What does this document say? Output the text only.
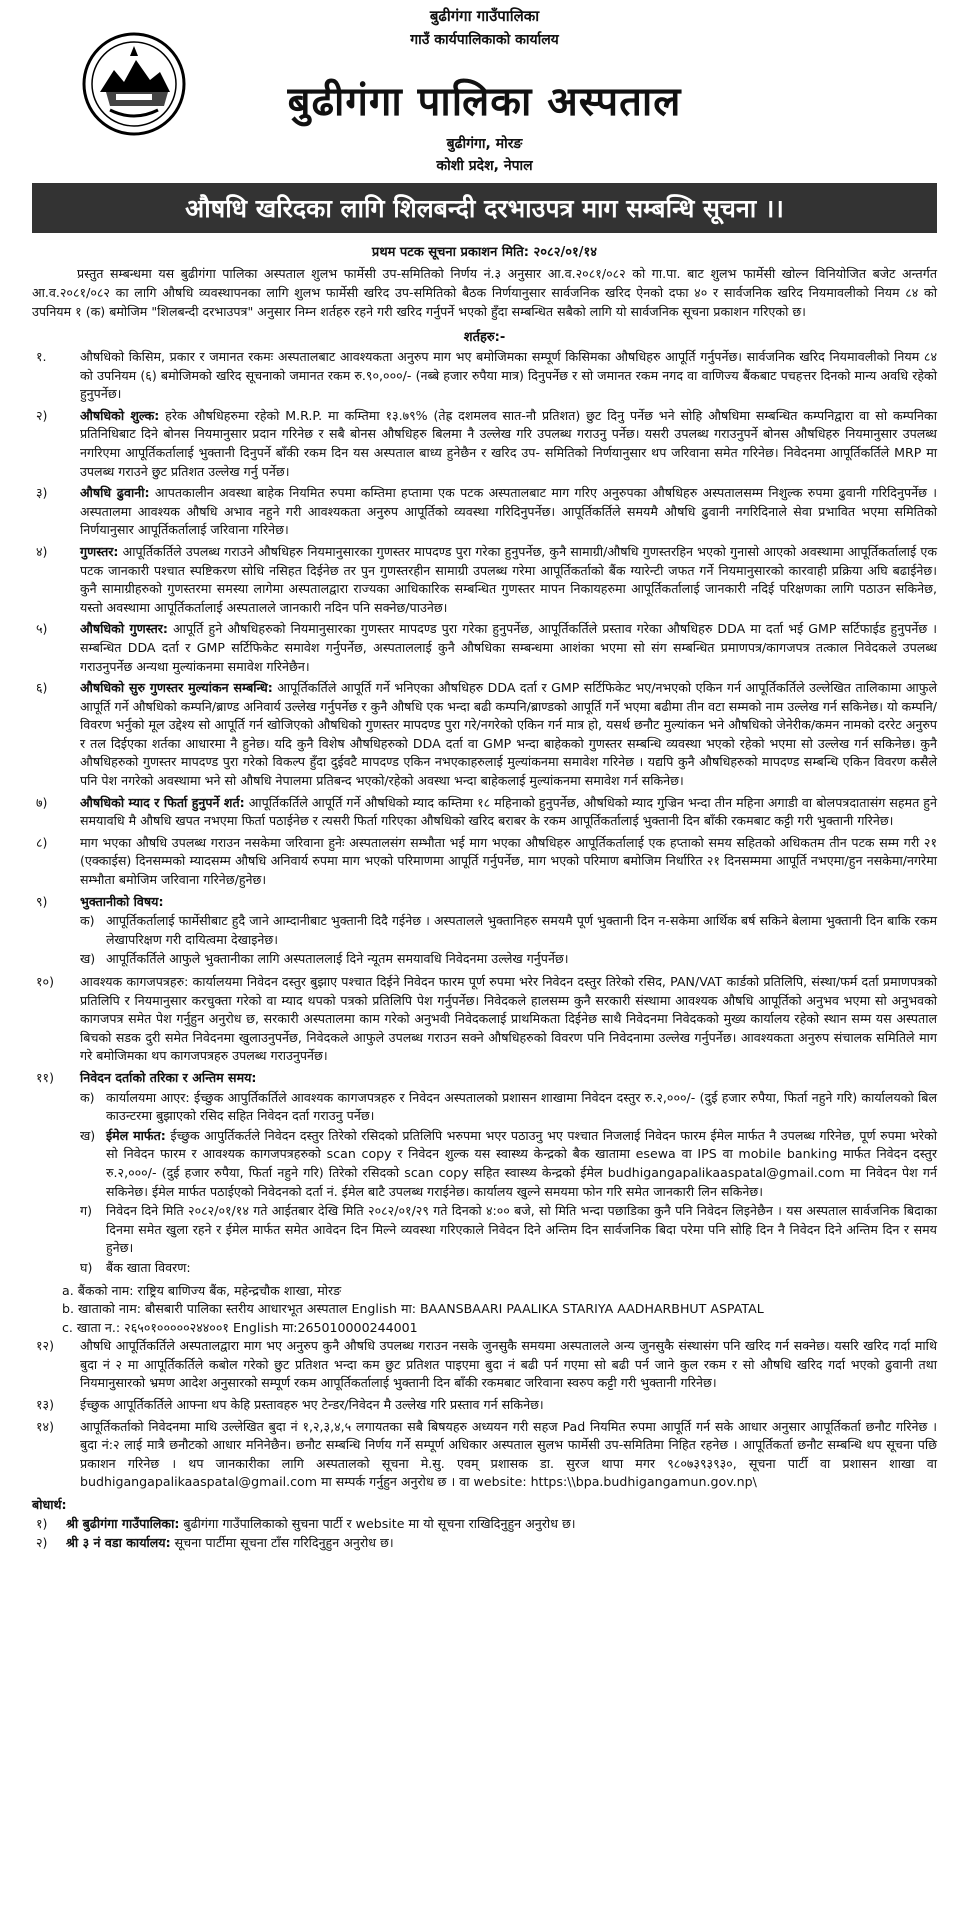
बुढीगंगा गाउँपालिका
गाउँ कार्यपालिकाको कार्यालय
बुढीगंगा पालिका अस्पताल
बुढीगंगा, मोरङ
कोशी प्रदेश, नेपाल
औषधि खरिदका लागि शिलबन्दी दरभाउपत्र माग सम्बन्धि सूचना ।।
प्रथम पटक सूचना प्रकाशन मिति: २०८२/०१/१४

प्रस्तुत सम्बन्धमा यस बुढीगंगा पालिका अस्पताल शुलभ फार्मेसी उप-समितिको निर्णय नं.३ अनुसार आ.व.२०८१/०८२ को गा.पा. बाट शुलभ फार्मेसी खोल्न विनियोजित बजेट अन्तर्गत आ.व.२०८१/०८२ का लागि औषधि व्यवस्थापनका लागि शुलभ फार्मेसी खरिद उप-समितिको बैठक निर्णयानुसार सार्वजनिक खरिद ऐनको दफा ४० र सार्वजनिक खरिद नियमावलीको नियम ८४ को उपनियम १ (क) बमोजिम "शिलबन्दी दरभाउपत्र" अनुसार निम्न शर्तहरु रहने गरी खरिद गर्नुपर्ने भएको हुँदा सम्बन्धित सबैको लागि यो सार्वजनिक सूचना प्रकाशन गरिएको छ।

शर्तहरु:-
१.	औषधिको किसिम, प्रकार र जमानत रकमः अस्पतालबाट आवश्यकता अनुरुप माग भए बमोजिमका सम्पूर्ण किसिमका औषधिहरु आपूर्ति गर्नुपर्नेछ। सार्वजनिक खरिद नियमावलीको नियम ८४ को उपनियम (६) बमोजिमको खरिद सूचनाको जमानत रकम रु.९०,०००/- (नब्बे हजार रुपैया मात्र) दिनुपर्नेछ र सो जमानत रकम नगद वा वाणिज्य बैंकबाट पचहत्तर दिनको मान्य अवधि रहेको हुनुपर्नेछ।
२)	औषधिको शुल्क: हरेक औषधिहरुमा रहेको M.R.P. मा कम्तिमा १३.७९% (तेह्र दशमलव सात-नौ प्रतिशत) छुट दिनु पर्नेछ भने सोहि औषधिमा सम्बन्धित कम्पनिद्वारा वा सो कम्पनिका प्रतिनिधिबाट दिने बोनस नियमानुसार प्रदान गरिनेछ र सबै बोनस औषधिहरु बिलमा नै उल्लेख गरि उपलब्ध गराउनु पर्नेछ। यसरी उपलब्ध गराउनुपर्ने बोनस औषधिहरु नियमानुसार उपलब्ध नगरिएमा आपूर्तिकर्तालाई भुक्तानी दिनुपर्ने बाँकी रकम दिन यस अस्पताल बाध्य हुनेछैन र खरिद उप- समितिको निर्णयानुसार थप जरिवाना समेत गरिनेछ। निवेदनमा आपूर्तिकर्तिले MRP मा उपलब्ध गराउने छुट प्रतिशत उल्लेख गर्नु पर्नेछ।
३)	औषधि ढुवानी: आपतकालीन अवस्था बाहेक नियमित रुपमा कम्तिमा हप्तामा एक पटक अस्पतालबाट माग गरिए अनुरुपका औषधिहरु अस्पतालसम्म निशुल्क रुपमा ढुवानी गरिदिनुपर्नेछ । अस्पतालमा आवश्यक औषधि अभाव नहुने गरी आवश्यकता अनुरुप आपूर्तिको व्यवस्था गरिदिनुपर्नेछ। आपूर्तिकर्तिले समयमै औषधि ढुवानी नगरिदिनाले सेवा प्रभावित भएमा समितिको निर्णयानुसार आपूर्तिकर्तालाई जरिवाना गरिनेछ।
४)	गुणस्तर: आपूर्तिकर्तिले उपलब्ध गराउने औषधिहरु नियमानुसारका गुणस्तर मापदण्ड पुरा गरेका हुनुपर्नेछ, कुनै सामाग्री/औषधि गुणस्तरहिन भएको गुनासो आएको अवस्थामा आपूर्तिकर्तालाई एक पटक जानकारी पश्चात स्पष्टिकरण सोधि नसिहत दिईनेछ तर पुन गुणस्तरहीन सामाग्री उपलब्ध गरेमा आपूर्तिकर्ताको बैंक ग्यारेन्टी जफत गर्ने नियमानुसारको कारवाही प्रक्रिया अघि बढाईनेछ। कुनै सामाग्रीहरुको गुणस्तरमा समस्या लागेमा अस्पतालद्वारा राज्यका आधिकारिक सम्बन्धित गुणस्तर मापन निकायहरुमा आपूर्तिकर्तालाई जानकारी नदिई परिक्षणका लागि पठाउन सकिनेछ, यस्तो अवस्थामा आपूर्तिकर्तालाई अस्पतालले जानकारी नदिन पनि सक्नेछ/पाउनेछ।
५)	औषधिको गुणस्तर: आपूर्ति हुने औषधिहरुको नियमानुसारका गुणस्तर मापदण्ड पुरा गरेका हुनुपर्नेछ, आपूर्तिकर्तिले प्रस्ताव गरेका औषधिहरु DDA मा दर्ता भई GMP सर्टिफाईड हुनुपर्नेछ । सम्बन्धित DDA दर्ता र GMP सर्टिफिकेट समावेश गर्नुपर्नेछ, अस्पताललाई कुनै औषधिका सम्बन्धमा आशंका भएमा सो संग सम्बन्धित प्रमाणपत्र/कागजपत्र तत्काल निवेदकले उपलब्ध गराउनुपर्नेछ अन्यथा मुल्यांकनमा समावेश गरिनेछैन।
६)	औषधिको सुरु गुणस्तर मुल्यांकन सम्बन्धि: आपूर्तिकर्तिले आपूर्ति गर्ने भनिएका औषधिहरु DDA दर्ता र GMP सर्टिफिकेट भए/नभएको एकिन गर्न आपूर्तिकर्तिले उल्लेखित तालिकामा आफुले आपूर्ति गर्ने औषधिको कम्पनि/ब्राण्ड अनिवार्य उल्लेख गर्नुपर्नेछ र कुनै औषधि एक भन्दा बढी कम्पनि/ब्राण्डको आपूर्ति गर्ने भएमा बढीमा तीन वटा सम्मको नाम उल्लेख गर्न सकिनेछ। यो कम्पनि/विवरण भर्नुको मूल उद्देश्य सो आपूर्ति गर्न खोजिएको औषधिको गुणस्तर मापदण्ड पुरा गरे/नगरेको एकिन गर्न मात्र हो, यसर्थ छनौट मुल्यांकन भने औषधिको जेनेरीक/कमन नामको दररेट अनुरुप र तल दिईएका शर्तका आधारमा नै हुनेछ। यदि कुनै विशेष औषधिहरुको DDA दर्ता वा GMP भन्दा बाहेकको गुणस्तर सम्बन्धि व्यवस्था भएको रहेको भएमा सो उल्लेख गर्न सकिनेछ। कुनै औषधिहरुको गुणस्तर मापदण्ड पुरा गरेको विकल्प हुँदा दुईवटै मापदण्ड एकिन नभएकाहरुलाई मुल्यांकनमा समावेश गरिनेछ । यद्यपि कुनै औषधिहरुको मापदण्ड सम्बन्धि एकिन विवरण कसैले पनि पेश नगरेको अवस्थामा भने सो औषधि नेपालमा प्रतिबन्द भएको/रहेको अवस्था भन्दा बाहेकलाई मुल्यांकनमा समावेश गर्न सकिनेछ।
७)	औषधिको म्याद र फिर्ता हुनुपर्ने शर्त: आपूर्तिकर्तिले आपूर्ति गर्ने औषधिको म्याद कम्तिमा १८ महिनाको हुनुपर्नेछ, औषधिको म्याद गुज्रिन भन्दा तीन महिना अगाडी वा बोलपत्रदातासंग सहमत हुने समयावधि मै औषधि खपत नभएमा फिर्ता पठाईनेछ र त्यसरी फिर्ता गरिएका औषधिको खरिद बराबर के रकम आपूर्तिकर्तालाई भुक्तानी दिन बाँकी रकमबाट कट्टी गरी भुक्तानी गरिनेछ।
८)	माग भएका औषधि उपलब्ध गराउन नसकेमा जरिवाना हुनेः अस्पतालसंग सम्भौता भई माग भएका औषधिहरु आपूर्तिकर्तालाई एक हप्ताको समय सहितको अधिकतम तीन पटक सम्म गरी २१ (एक्काईस) दिनसम्मको म्यादसम्म औषधि अनिवार्य रुपमा माग भएको परिमाणमा आपूर्ति गर्नुपर्नेछ, माग भएको परिमाण बमोजिम निर्धारित २१ दिनसम्ममा आपूर्ति नभएमा/हुन नसकेमा/नगरेमा सम्भौता बमोजिम जरिवाना गरिनेछ/हुनेछ।
९)	भुक्तानीको विषय:
क) आपूर्तिकर्तालाई फार्मेसीबाट हुदै जाने आम्दानीबाट भुक्तानी दिदै गईनेछ । अस्पतालले भुक्तानिहरु समयमै पूर्ण भुक्तानी दिन न-सकेमा आर्थिक बर्ष सकिने बेलामा भुक्तानी दिन बाकि रकम लेखापरिक्षण गरी दायित्वमा देखाइनेछ।
ख) आपूर्तिकर्तिले आफुले भुक्तानीका लागि अस्पताललाई दिने न्यूतम समयावधि निवेदनमा उल्लेख गर्नुपर्नेछ।
१०)	आवश्यक कागजपत्रहरु: कार्यालयमा निवेदन दस्तुर बुझाए पश्चात दिईने निवेदन फारम पूर्ण रुपमा भरेर निवेदन दस्तुर तिरेको रसिद, PAN/VAT कार्डको प्रतिलिपि, संस्था/फर्म दर्ता प्रमाणपत्रको प्रतिलिपि र नियमानुसार करचुक्ता गरेको वा म्याद थपको पत्रको प्रतिलिपि पेश गर्नुपर्नेछ। निवेदकले हालसम्म कुनै सरकारी संस्थामा आवश्यक औषधि आपूर्तिको अनुभव भएमा सो अनुभवको कागजपत्र समेत पेश गर्नुहुन अनुरोध छ, सरकारी अस्पतालमा काम गरेको अनुभवी निवेदकलाई प्राथमिकता दिईनेछ साथै निवेदनमा निवेदकको मुख्य कार्यालय रहेको स्थान सम्म यस अस्पताल बिचको सडक दुरी समेत निवेदनमा खुलाउनुपर्नेछ, निवेदकले आफुले उपलब्ध गराउन सक्ने औषधिहरुको विवरण पनि निवेदनामा उल्लेख गर्नुपर्नेछ। आवश्यकता अनुरुप संचालक समितिले माग गरे बमोजिमका थप कागजपत्रहरु उपलब्ध गराउनुपर्नेछ।
११)	निवेदन दर्ताको तरिका र अन्तिम समय:
क) कार्यालयमा आएर: ईच्छुक आपुर्तिकर्तिले आवश्यक कागजपत्रहरु र निवेदन अस्पतालको प्रशासन शाखामा निवेदन दस्तुर रु.२,०००/- (दुई हजार रुपैया, फिर्ता नहुने गरि) कार्यालयको बिल काउन्टरमा बुझाएको रसिद सहित निवेदन दर्ता गराउनु पर्नेछ।
ख) ईमेल मार्फत: ईच्छुक आपुर्तिकर्तले निवेदन दस्तुर तिरेको रसिदको प्रतिलिपि भरुपमा भएर पठाउनु भए पश्चात निजलाई निवेदन फारम ईमेल मार्फत नै उपलब्ध गरिनेछ, पूर्ण रुपमा भरेको सो निवेदन फारम र आवश्यक कागजपत्रहरुको scan copy र निवेदन शुल्क यस स्वास्थ्य केन्द्रको बैक खातामा esewa वा IPS वा mobile banking मार्फत निवेदन दस्तुर रु.२,०००/- (दुई हजार रुपैया, फिर्ता नहुने गरि) तिरेको रसिदको scan copy सहित स्वास्थ्य केन्द्रको ईमेल budhigangapalikaaspatal@gmail.com मा निवेदन पेश गर्न सकिनेछ। ईमेल मार्फत पठाईएको निवेदनको दर्ता नं. ईमेल बाटै उपलब्ध गराईनेछ। कार्यालय खुल्ने समयमा फोन गरि समेत जानकारी लिन सकिनेछ।
ग)	निवेदन दिने मिति २०८२/०१/१४ गते आईतबार देखि मिति २०८२/०१/२९ गते दिनको ४:०० बजे, सो मिति भन्दा पछाडिका कुनै पनि निवेदन लिइनेछैन । यस अस्पताल सार्वजनिक बिदाका दिनमा समेत खुला रहने र ईमेल मार्फत समेत आवेदन दिन मिल्ने व्यवस्था गरिएकाले निवेदन दिने अन्तिम दिन सार्वजनिक बिदा परेमा पनि सोहि दिन नै निवेदन दिने अन्तिम दिन र समय हुनेछ।
घ)	बैंक खाता विवरण:
a. बैंकको नाम: राष्ट्रिय बाणिज्य बैंक, महेन्द्रचौक शाखा, मोरङ
b. खाताको नाम: बौसबारी पालिका स्तरीय आधारभूत अस्पताल English मा: BAANSBAARI PAALIKA STARIYA AADHARBHUT ASPATAL
c. खाता न.: २६५०१०००००२४४००१ English मा:265010000244001
१२)	औषधि आपूर्तिकर्तिले अस्पतालद्वारा माग भए अनुरुप कुनै औषधि उपलब्ध गराउन नसके जुनसुकै समयमा अस्पतालले अन्य जुनसुकै संस्थासंग पनि खरिद गर्न सक्नेछ। यसरि खरिद गर्दा माथि बुदा नं २ मा आपूर्तिकर्तिले कबोल गरेको छुट प्रतिशत भन्दा कम छुट प्रतिशत पाइएमा बुदा नं बढी पर्न गएमा सो बढी पर्न जाने कुल रकम र सो औषधि खरिद गर्दा भएको ढुवानी तथा नियमानुसारको भ्रमण आदेश अनुसारको सम्पूर्ण रकम आपूर्तिकर्तालाई भुक्तानी दिन बाँकी रकमबाट जरिवाना स्वरुप कट्टी गरी भुक्तानी गरिनेछ।
१३)	ईच्छुक आपूर्तिकर्तिले आफ्ना थप केहि प्रस्तावहरु भए टेन्डर/निवेदन मै उल्लेख गरि प्रस्ताव गर्न सकिनेछ।
१४)	आपूर्तिकर्ताको निवेदनमा माथि उल्लेखित बुदा नं १,२,३,४,५ लगायतका सबै बिषयहरु अध्ययन गरी सहज Pad नियमित रुपमा आपूर्ति गर्न सके आधार अनुसार आपूर्तिकर्ता छनौट गरिनेछ । बुदा नं:२ लाई मात्रै छनौटको आधार मनिनेछैन। छनौट सम्बन्धि निर्णय गर्ने सम्पूर्ण अधिकार अस्पताल सुलभ फार्मेसी उप-समितिमा निहित रहनेछ । आपूर्तिकर्ता छनौट सम्बन्धि थप सूचना पछि प्रकाशन गरिनेछ । थप जानकारीका लागि अस्पतालको सूचना मे.सु. एवम् प्रशासक डा. सुरज थापा मगर ९८०७३९३९३०, सूचना पार्टी वा प्रशासन शाखा वा budhigangapalikaaspatal@gmail.com मा सम्पर्क गर्नुहुन अनुरोध छ । वा website: https:\\bpa.budhigangamun.gov.np\
बोधार्थ:
१)	श्री बुढीगंगा गाउँपालिका: बुढीगंगा गाउँपालिकाको सुचना पार्टी र website मा यो सूचना राखिदिनुहुन अनुरोध छ।
२)	श्री ३ नं वडा कार्यालय: सूचना पार्टीमा सूचना टाँस गरिदिनुहुन अनुरोध छ।
